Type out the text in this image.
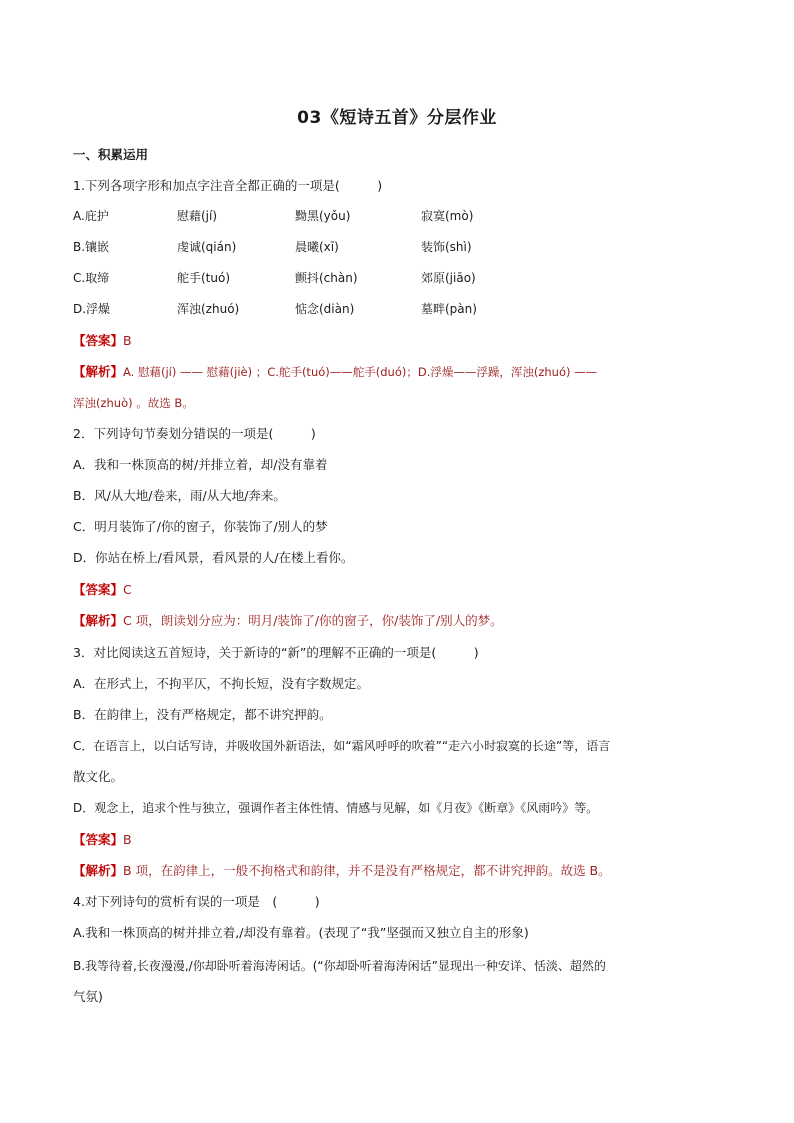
03《短诗五首》分层作业
一、积累运用
1.下列各项字形和加点字注音全都正确的一项是(　　　)
A.庇护	慰藉(jí)	黝黑(yǒu)	寂寞(mò)
B.镶嵌	虔诚(qián)	晨曦(xī)	装饰(shì)
C.取缔	舵手(tuó)	颤抖(chàn)	郊原(jiāo)
D.浮燥	浑浊(zhuó)	惦念(diàn)	墓畔(pàn)
【答案】B
【解析】A. 慰藉(jí) —— 慰藉(jiè) ；C.舵手(tuó)——舵手(duó)；D.浮燥——浮躁，浑浊(zhuó) ——
浑浊(zhuò) 。故选 B。
2．下列诗句节奏划分错误的一项是(　　　)
A．我和一株顶高的树/并排立着，却/没有靠着
B．风/从大地/卷来，雨/从大地/奔来。
C．明月装饰了/你的窗子，你装饰了/别人的梦
D．你站在桥上/看风景，看风景的人/在楼上看你。
【答案】C
【解析】C 项，朗读划分应为：明月/装饰了/你的窗子，你/装饰了/别人的梦。
3．对比阅读这五首短诗，关于新诗的“新”的理解不正确的一项是(　　　)
A．在形式上，不拘平仄，不拘长短，没有字数规定。
B．在韵律上，没有严格规定，都不讲究押韵。
C．在语言上，以白话写诗，并吸收国外新语法，如“霜风呼呼的吹着”“走六小时寂寞的长途”等，语言
散文化。
D．观念上，追求个性与独立，强调作者主体性情、情感与见解，如《月夜》《断章》《风雨吟》等。
【答案】B
【解析】B 项，在韵律上，一般不拘格式和韵律，并不是没有严格规定，都不讲究押韵。故选 B。
4.对下列诗句的赏析有误的一项是　(　　　)
A.我和一株顶高的树并排立着,/却没有靠着。(表现了“我”坚强而又独立自主的形象)
B.我等待着,长夜漫漫,/你却卧听着海涛闲话。(“你却卧听着海涛闲话”显现出一种安详、恬淡、超然的
气氛)
